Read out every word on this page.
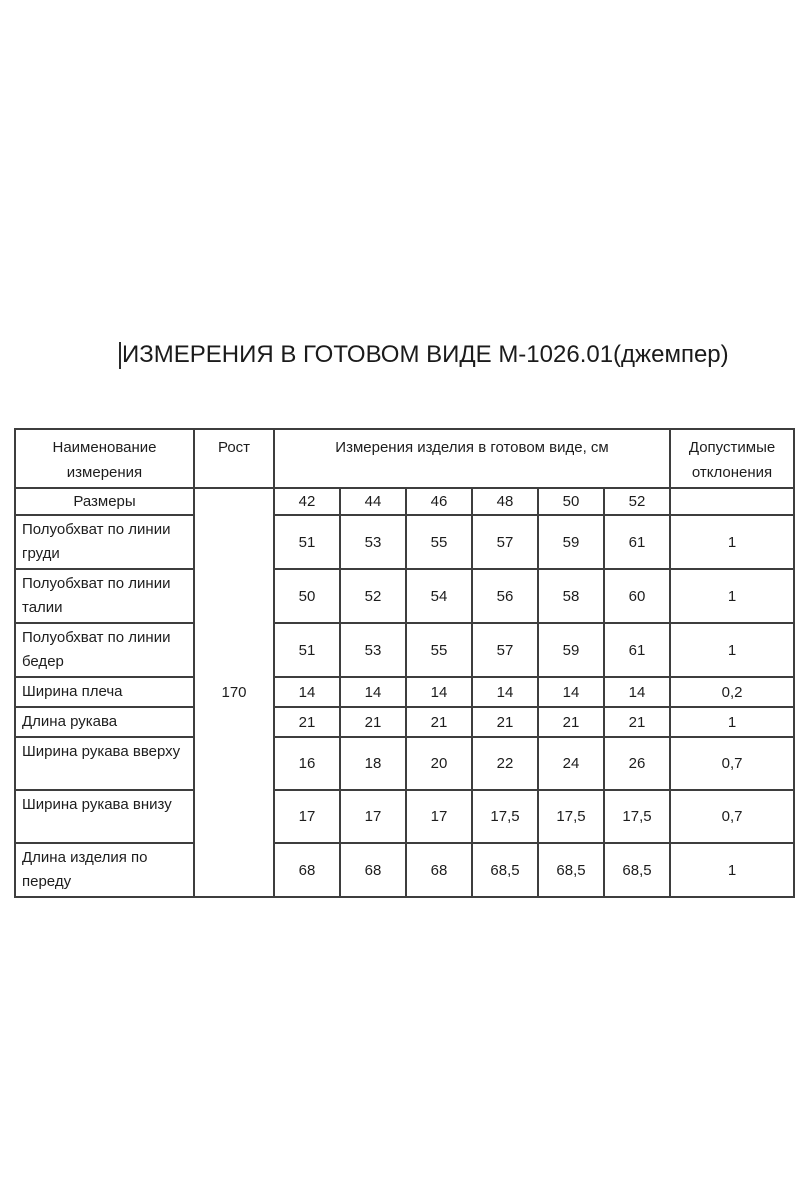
ИЗМЕРЕНИЯ В ГОТОВОМ ВИДЕ М-1026.01(джемпер)
Наименование измерения	Рост	Измерения изделия в готовом виде, см						Допустимые отклонения
Размеры	170	42	44	46	48	50	52	
Полуобхват по линии груди		51	53	55	57	59	61	1
Полуобхват по линии талии		50	52	54	56	58	60	1
Полуобхват по линии бедер		51	53	55	57	59	61	1
Ширина плеча		14	14	14	14	14	14	0,2
Длина рукава		21	21	21	21	21	21	1
Ширина рукава вверху		16	18	20	22	24	26	0,7
Ширина рукава внизу		17	17	17	17,5	17,5	17,5	0,7
Длина изделия по переду		68	68	68	68,5	68,5	68,5	1
